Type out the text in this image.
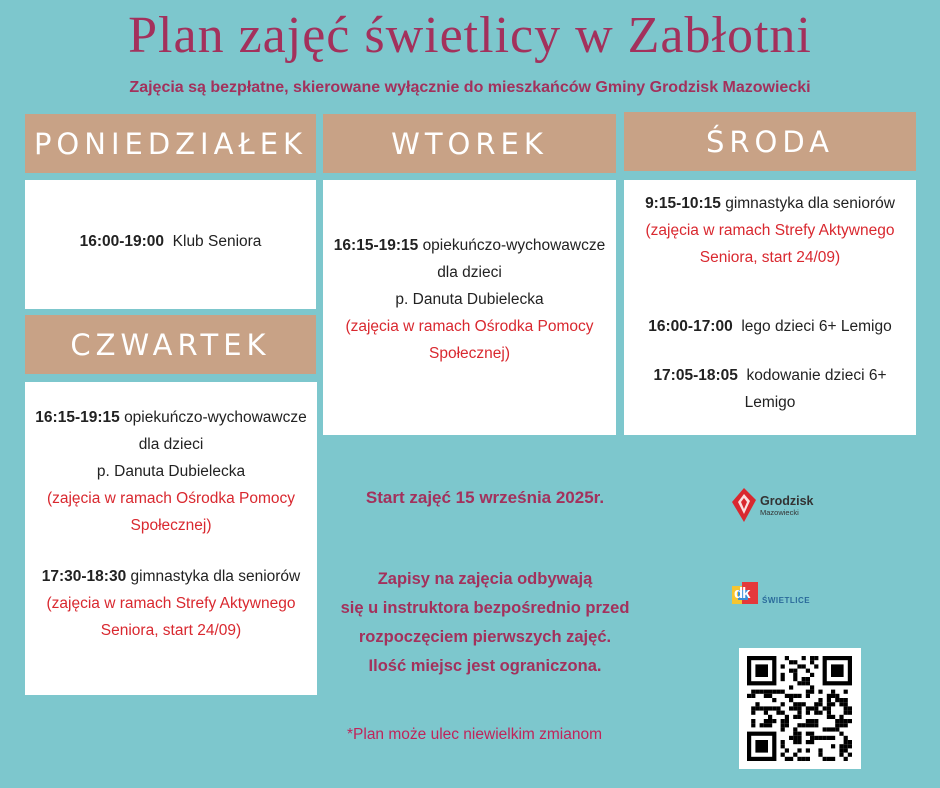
Plan zajęć świetlicy w Zabłotni
Zajęcia są bezpłatne, skierowane wyłącznie do mieszkańców Gminy Grodzisk Mazowiecki
PONIEDZIAŁEK
16:00-19:00 Klub Seniora
WTOREK
16:15-19:15 opiekuńczo-wychowawcze
dla dzieci
p. Danuta Dubielecka
(zajęcia w ramach Ośrodka Pomocy
Społecznej)
ŚRODA
9:15-10:15 gimnastyka dla seniorów
(zajęcia w ramach Strefy Aktywnego
Seniora, start 24/09)
16:00-17:00 lego dzieci 6+ Lemigo
17:05-18:05 kodowanie dzieci 6+
Lemigo
CZWARTEK
16:15-19:15 opiekuńczo-wychowawcze
dla dzieci
p. Danuta Dubielecka
(zajęcia w ramach Ośrodka Pomocy
Społecznej)
17:30-18:30 gimnastyka dla seniorów
(zajęcia w ramach Strefy Aktywnego
Seniora, start 24/09)
Start zajęć 15 września 2025r.
Zapisy na zajęcia odbywają
się u instruktora bezpośrednio przed
rozpoczęciem pierwszych zajęć.
Ilość miejsc jest ograniczona.
*Plan może ulec niewielkim zmianom
Grodzisk
Mazowiecki
dk ŚWIETLICE
